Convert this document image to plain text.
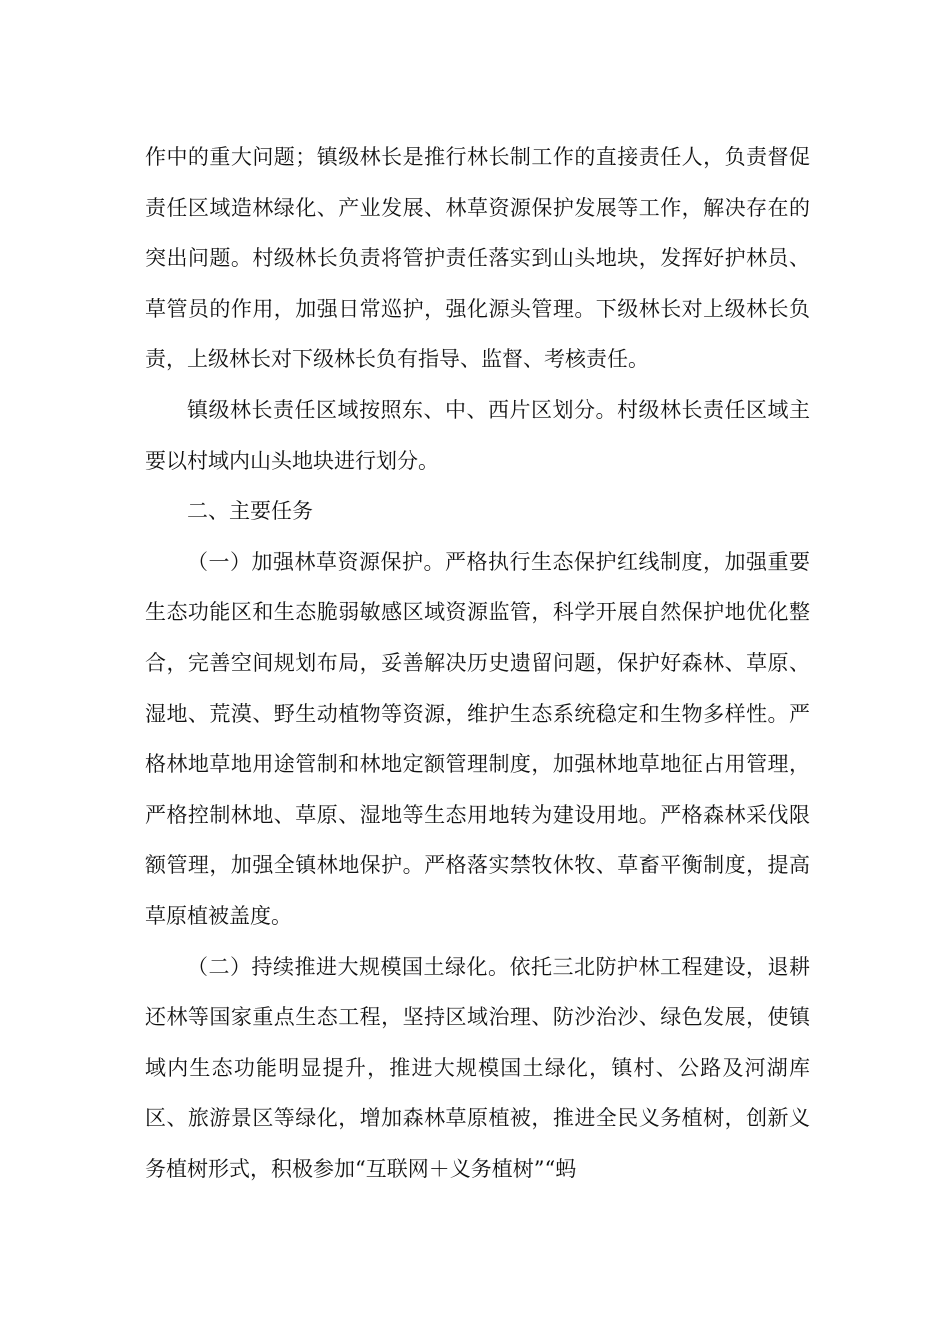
作中的重大问题；镇级林长是推行林长制工作的直接责任人，负责督促责任区域造林绿化、产业发展、林草资源保护发展等工作，解决存在的突出问题。村级林长负责将管护责任落实到山头地块，发挥好护林员、草管员的作用，加强日常巡护，强化源头管理。下级林长对上级林长负责，上级林长对下级林长负有指导、监督、考核责任。

镇级林长责任区域按照东、中、西片区划分。村级林长责任区域主要以村域内山头地块进行划分。

二、主要任务

（一）加强林草资源保护。严格执行生态保护红线制度，加强重要生态功能区和生态脆弱敏感区域资源监管，科学开展自然保护地优化整合，完善空间规划布局，妥善解决历史遗留问题，保护好森林、草原、湿地、荒漠、野生动植物等资源，维护生态系统稳定和生物多样性。严格林地草地用途管制和林地定额管理制度，加强林地草地征占用管理，严格控制林地、草原、湿地等生态用地转为建设用地。严格森林采伐限额管理，加强全镇林地保护。严格落实禁牧休牧、草畜平衡制度，提高草原植被盖度。

（二）持续推进大规模国土绿化。依托三北防护林工程建设，退耕还林等国家重点生态工程，坚持区域治理、防沙治沙、绿色发展，使镇域内生态功能明显提升，推进大规模国土绿化，镇村、公路及河湖库区、旅游景区等绿化，增加森林草原植被，推进全民义务植树，创新义务植树形式，积极参加“互联网＋义务植树”“蚂
